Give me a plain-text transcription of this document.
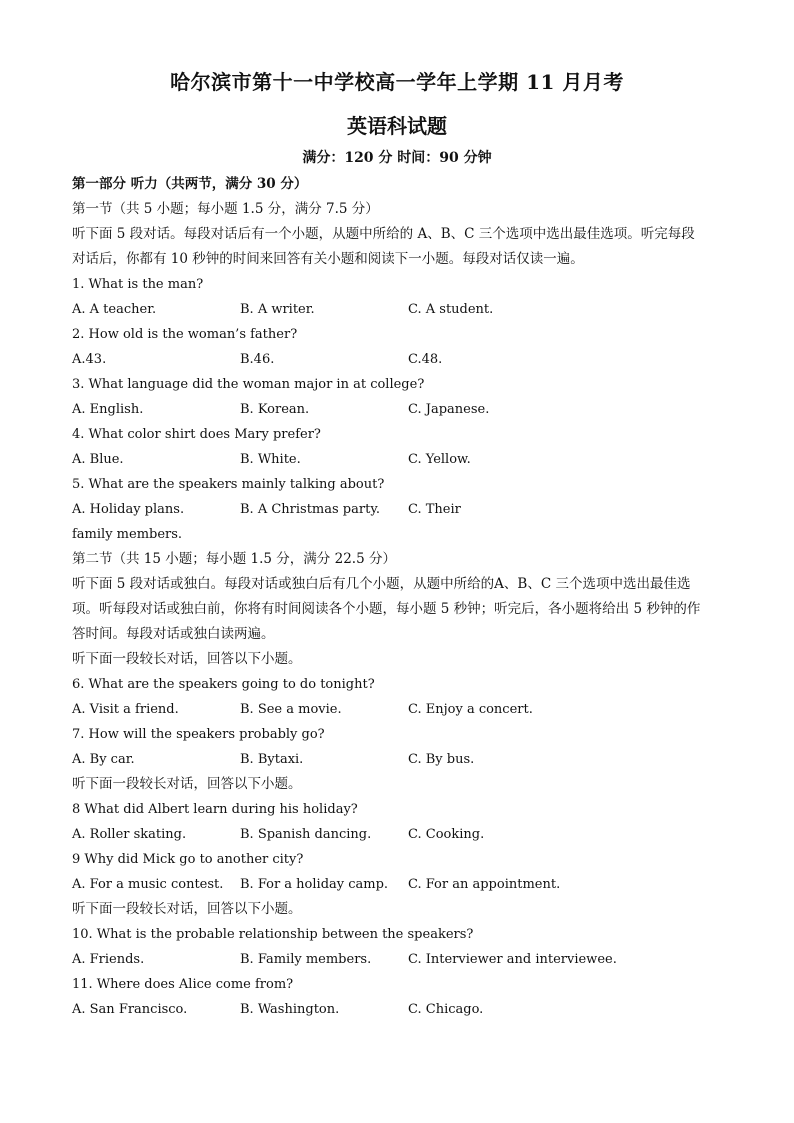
哈尔滨市第十一中学校高一学年上学期 11 月月考
英语科试题
满分：120 分 时间：90 分钟
第一部分 听力（共两节，满分 30 分）
第一节（共 5 小题；每小题 1.5 分，满分 7.5 分）
听下面 5 段对话。每段对话后有一个小题，从题中所给的 A、B、C 三个选项中选出最佳选项。听完每段
对话后，你都有 10 秒钟的时间来回答有关小题和阅读下一小题。每段对话仅读一遍。
1. What is the man?
A. A teacher.	B. A writer.	C. A student.
2. How old is the woman’s father?
A.43.	B.46.	C.48.
3. What language did the woman major in at college?
A. English.	B. Korean.	C. Japanese.
4. What color shirt does Mary prefer?
A. Blue.	B. White.	C. Yellow.
5. What are the speakers mainly talking about?
A. Holiday plans.	B. A Christmas party. C. Their
family members.
第二节（共 15 小题；每小题 1.5 分，满分 22.5 分）
听下面 5 段对话或独白。每段对话或独白后有几个小题，从题中所给的A、B、C 三个选项中选出最佳选
项。听每段对话或独白前，你将有时间阅读各个小题，每小题 5 秒钟；听完后，各小题将给出 5 秒钟的作
答时间。每段对话或独白读两遍。
听下面一段较长对话，回答以下小题。
6. What are the speakers going to do tonight?
A. Visit a friend.	B. See a movie.	C. Enjoy a concert.
7. How will the speakers probably go?
A. By car.	B. Bytaxi.	C. By bus.
听下面一段较长对话，回答以下小题。
8 What did Albert learn during his holiday?
A. Roller skating.	B. Spanish dancing.	C. Cooking.
9 Why did Mick go to another city?
A. For a music contest. B. For a holiday camp. C. For an appointment.
听下面一段较长对话，回答以下小题。
10. What is the probable relationship between the speakers?
A. Friends.	B. Family members.	C. Interviewer and interviewee.
11. Where does Alice come from?
A. San Francisco.	B. Washington.	C. Chicago.
